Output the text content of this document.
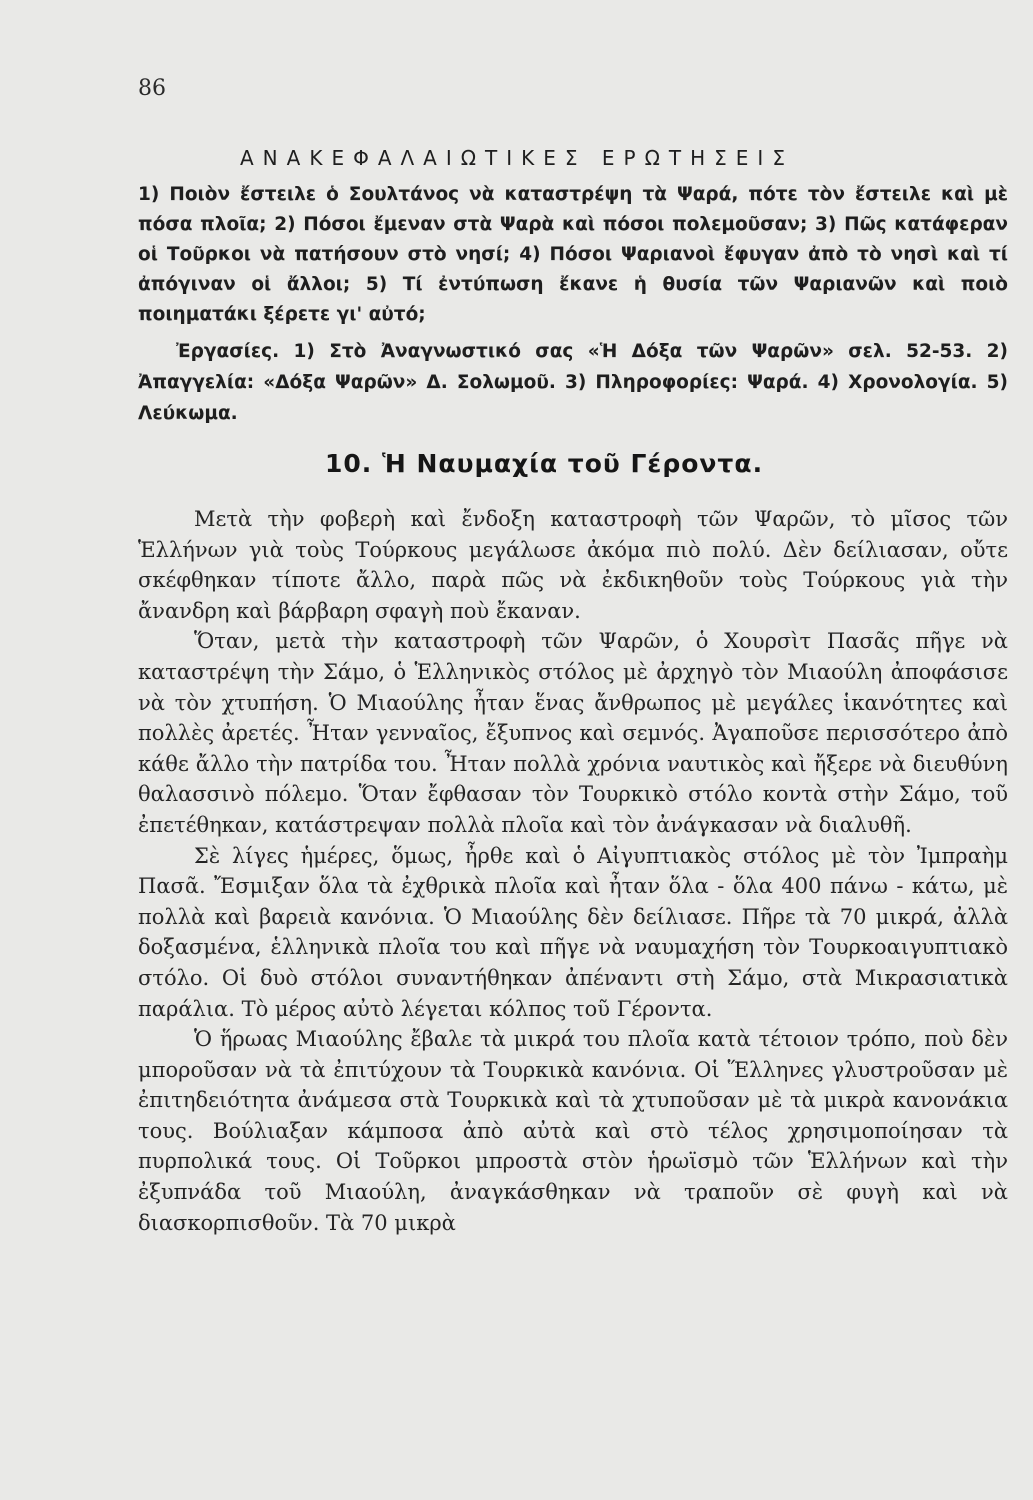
86
ΑΝΑΚΕΦΑΛΑΙΩΤΙΚΕΣ ΕΡΩΤΗΣΕΙΣ
1) Ποιὸν ἔστειλε ὁ Σουλτάνος νὰ καταστρέψη τὰ Ψαρά, πότε τὸν ἔστειλε καὶ μὲ πόσα πλοῖα; 2) Πόσοι ἔμεναν στὰ Ψαρὰ καὶ πόσοι πολεμοῦσαν; 3) Πῶς κατάφεραν οἱ Τοῦρκοι νὰ πατήσουν στὸ νησί; 4) Πόσοι Ψαριανοὶ ἔφυγαν ἀπὸ τὸ νησὶ καὶ τί ἀπόγιναν οἱ ἄλλοι; 5) Τί ἐντύπωση ἔκανε ἡ θυσία τῶν Ψαριανῶν καὶ ποιὸ ποιηματάκι ξέρετε γι' αὐτό;
Ἐργασίες. 1) Στὸ Ἀναγνωστικό σας «Ἡ Δόξα τῶν Ψαρῶν» σελ. 52-53. 2) Ἀπαγγελία: «Δόξα Ψαρῶν» Δ. Σολωμοῦ. 3) Πληροφορίες: Ψαρά. 4) Χρονολογία. 5) Λεύκωμα.
10. Ἡ Ναυμαχία τοῦ Γέροντα.

Μετὰ τὴν φοβερὴ καὶ ἔνδοξη καταστροφὴ τῶν Ψαρῶν, τὸ μῖσος τῶν Ἑλλήνων γιὰ τοὺς Τούρκους μεγάλωσε ἀκόμα πιὸ πολύ. Δὲν δείλιασαν, οὔτε σκέφθηκαν τίποτε ἄλλο, παρὰ πῶς νὰ ἐκδικηθοῦν τοὺς Τούρκους γιὰ τὴν ἄνανδρη καὶ βάρβαρη σφαγὴ ποὺ ἔκαναν.

Ὅταν, μετὰ τὴν καταστροφὴ τῶν Ψαρῶν, ὁ Χουρσὶτ Πασᾶς πῆγε νὰ καταστρέψη τὴν Σάμο, ὁ Ἑλληνικὸς στόλος μὲ ἀρχηγὸ τὸν Μιαούλη ἀποφάσισε νὰ τὸν χτυπήση. Ὁ Μιαούλης ἦταν ἕνας ἄνθρωπος μὲ μεγάλες ἱκανότητες καὶ πολλὲς ἀρετές. Ἦταν γενναῖος, ἔξυπνος καὶ σεμνός. Ἀγαποῦσε περισσότερο ἀπὸ κάθε ἄλλο τὴν πατρίδα του. Ἦταν πολλὰ χρόνια ναυτικὸς καὶ ἤξερε νὰ διευθύνη θαλασσινὸ πόλεμο. Ὅταν ἔφθασαν τὸν Τουρκικὸ στόλο κοντὰ στὴν Σάμο, τοῦ ἐπετέθηκαν, κατάστρεψαν πολλὰ πλοῖα καὶ τὸν ἀνάγκασαν νὰ διαλυθῆ.

Σὲ λίγες ἡμέρες, ὅμως, ἦρθε καὶ ὁ Αἰγυπτιακὸς στόλος μὲ τὸν Ἰμπραὴμ Πασᾶ. Ἔσμιξαν ὅλα τὰ ἐχθρικὰ πλοῖα καὶ ἦταν ὅλα - ὅλα 400 πάνω - κάτω, μὲ πολλὰ καὶ βαρειὰ κανόνια. Ὁ Μιαούλης δὲν δείλιασε. Πῆρε τὰ 70 μικρά, ἀλλὰ δοξασμένα, ἑλληνικὰ πλοῖα του καὶ πῆγε νὰ ναυμαχήση τὸν Τουρκοαιγυπτιακὸ στόλο. Οἱ δυὸ στόλοι συναντήθηκαν ἀπέναντι στὴ Σάμο, στὰ Μικρασιατικὰ παράλια. Τὸ μέρος αὐτὸ λέγεται κόλπος τοῦ Γέροντα.

Ὁ ἥρωας Μιαούλης ἔβαλε τὰ μικρά του πλοῖα κατὰ τέτοιον τρόπο, ποὺ δὲν μποροῦσαν νὰ τὰ ἐπιτύχουν τὰ Τουρκικὰ κανόνια. Οἱ Ἕλληνες γλυστροῦσαν μὲ ἐπιτηδειότητα ἀνάμεσα στὰ Τουρκικὰ καὶ τὰ χτυποῦσαν μὲ τὰ μικρὰ κανονάκια τους. Βούλιαξαν κάμποσα ἀπὸ αὐτὰ καὶ στὸ τέλος χρησιμοποίησαν τὰ πυρπολικά τους. Οἱ Τοῦρκοι μπροστὰ στὸν ἡρωϊσμὸ τῶν Ἑλλήνων καὶ τὴν ἐξυπνάδα τοῦ Μιαούλη, ἀναγκάσθηκαν νὰ τραποῦν σὲ φυγὴ καὶ νὰ διασκορπισθοῦν. Τὰ 70 μικρὰ
